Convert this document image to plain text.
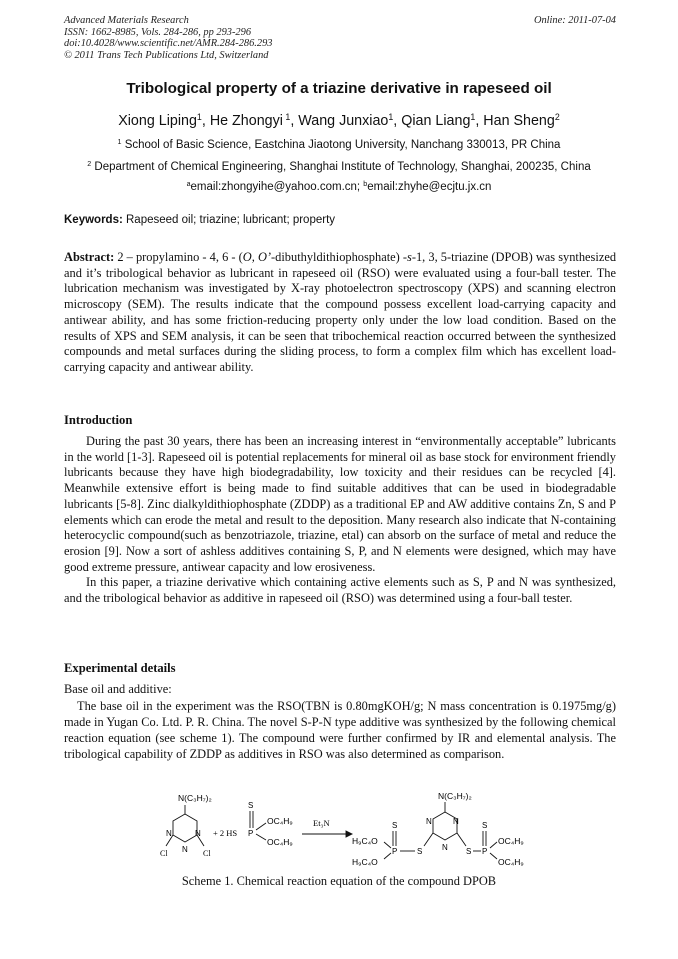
Advanced Materials Research
ISSN: 1662-8985, Vols. 284-286, pp 293-296
doi:10.4028/www.scientific.net/AMR.284-286.293
© 2011 Trans Tech Publications Ltd, Switzerland
Online: 2011-07-04
Tribological property of a triazine derivative in rapeseed oil
Xiong Liping$^1$, He Zhongyi $^1$, Wang Junxiao$^1$, Qian Liang$^1$, Han Sheng$^2$
$^1$ School of Basic Science, Eastchina Jiaotong University, Nanchang 330013, PR China
$^2$ Department of Chemical Engineering, Shanghai Institute of Technology, Shanghai, 200235, China
$^a$email:zhongyihe@yahoo.com.cn; $^b$email:zhyhe@ecjtu.jx.cn
Keywords: Rapeseed oil; triazine; lubricant; property
Abstract: 2 – propylamino - 4, 6 - (O, O’-dibuthyldithiophosphate) -s-1, 3, 5-triazine (DPOB) was synthesized and it’s tribological behavior as lubricant in rapeseed oil (RSO) were evaluated using a four-ball tester. The lubrication mechanism was investigated by X-ray photoelectron spectroscopy (XPS) and scanning electron microscopy (SEM). The results indicate that the compound possess excellent load-carrying capacity and antiwear ability, and has some friction-reducing property only under the low load condition. Based on the results of XPS and SEM analysis, it can be seen that tribochemical reaction occurred between the synthesized compounds and metal surfaces during the sliding process, to form a complex film which has excellent load-carrying capacity and antiwear ability.
Introduction

During the past 30 years, there has been an increasing interest in “environmentally acceptable” lubricants in the world [1-3]. Rapeseed oil is potential replacements for mineral oil as base stock for environment friendly lubricants because they have high biodegradability, low toxicity and their residues can be recycled [4]. Meanwhile extensive effort is being made to find suitable additives that can be used in biodegradable lubricants [5-8]. Zinc dialkyldithiophosphate (ZDDP) as a traditional EP and AW additive contains Zn, S and P elements which can erode the metal and result to the deposition. Many research also indicate that N-containing heterocyclic compound(such as benzotriazole, triazine, etal) can absorb on the surface of metal and reduce the erosion [9]. Now a sort of ashless additives containing S, P, and N elements were designed, which may have good extreme pressure, antiwear capacity and low erosiveness.

In this paper, a triazine derivative which containing active elements such as S, P and N was synthesized, and the tribological behavior as additive in rapeseed oil (RSO) was determined using a four-ball tester.

Experimental details
Base oil and additive:

The base oil in the experiment was the RSO(TBN is 0.80mgKOH/g; N mass concentration is 0.1975mg/g) made in Yugan Co. Ltd. P. R. China. The novel S-P-N type additive was synthesized by the following chemical reaction equation (see scheme 1). The compound were further confirmed by IR and elemental analysis. The tribological capability of ZDDP as additives in RSO was also determined as comparison.

N(C₃H₇)₂
N	N
N
Cl	Cl
+ 2 HS P
S
OC₄H₉
OC₄H₉
Et₃N
N(C₃H₇)₂
N	N
N
S	S
P
S
H₉C₄O
H₉C₄O
P
S
OC₄H₉
OC₄H₉
Scheme 1. Chemical reaction equation of the compound DPOB
